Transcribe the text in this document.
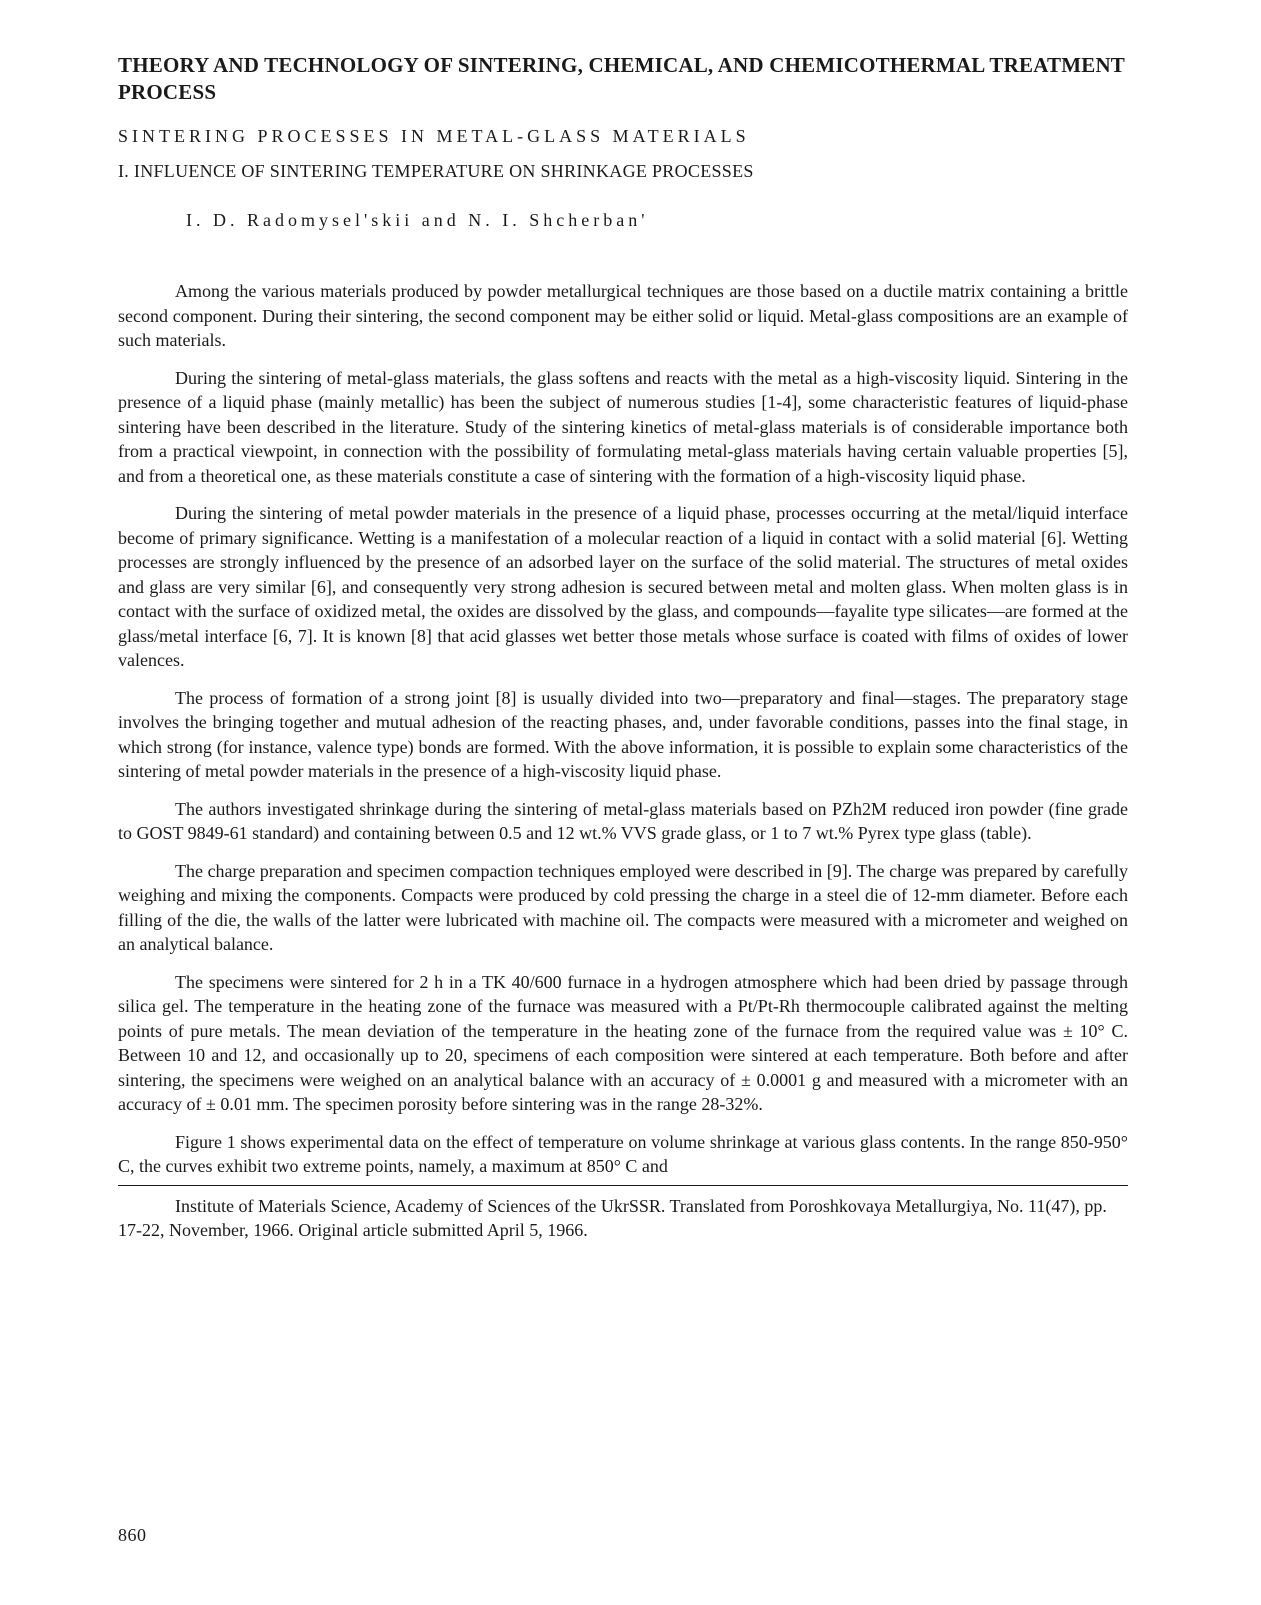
THEORY AND TECHNOLOGY OF SINTERING, CHEMICAL, AND CHEMICOTHERMAL TREATMENT PROCESS
SINTERING PROCESSES IN METAL-GLASS MATERIALS
I. INFLUENCE OF SINTERING TEMPERATURE ON SHRINKAGE PROCESSES
I. D. Radomysel'skii and N. I. Shcherban'

Among the various materials produced by powder metallurgical techniques are those based on a ductile matrix containing a brittle second component. During their sintering, the second component may be either solid or liquid. Metal-glass compositions are an example of such materials.

During the sintering of metal-glass materials, the glass softens and reacts with the metal as a high-viscosity liquid. Sintering in the presence of a liquid phase (mainly metallic) has been the subject of numerous studies [1-4], some characteristic features of liquid-phase sintering have been described in the literature. Study of the sintering kinetics of metal-glass materials is of considerable importance both from a practical viewpoint, in connection with the possibility of formulating metal-glass materials having certain valuable properties [5], and from a theoretical one, as these materials constitute a case of sintering with the formation of a high-viscosity liquid phase.

During the sintering of metal powder materials in the presence of a liquid phase, processes occurring at the metal/liquid interface become of primary significance. Wetting is a manifestation of a molecular reaction of a liquid in contact with a solid material [6]. Wetting processes are strongly influenced by the presence of an adsorbed layer on the surface of the solid material. The structures of metal oxides and glass are very similar [6], and consequently very strong adhesion is secured between metal and molten glass. When molten glass is in contact with the surface of oxidized metal, the oxides are dissolved by the glass, and compounds—fayalite type silicates—are formed at the glass/metal interface [6, 7]. It is known [8] that acid glasses wet better those metals whose surface is coated with films of oxides of lower valences.

The process of formation of a strong joint [8] is usually divided into two—preparatory and final—stages. The preparatory stage involves the bringing together and mutual adhesion of the reacting phases, and, under favorable conditions, passes into the final stage, in which strong (for instance, valence type) bonds are formed. With the above information, it is possible to explain some characteristics of the sintering of metal powder materials in the presence of a high-viscosity liquid phase.

The authors investigated shrinkage during the sintering of metal-glass materials based on PZh2M reduced iron powder (fine grade to GOST 9849-61 standard) and containing between 0.5 and 12 wt.% VVS grade glass, or 1 to 7 wt.% Pyrex type glass (table).

The charge preparation and specimen compaction techniques employed were described in [9]. The charge was prepared by carefully weighing and mixing the components. Compacts were produced by cold pressing the charge in a steel die of 12-mm diameter. Before each filling of the die, the walls of the latter were lubricated with machine oil. The compacts were measured with a micrometer and weighed on an analytical balance.

The specimens were sintered for 2 h in a TK 40/600 furnace in a hydrogen atmosphere which had been dried by passage through silica gel. The temperature in the heating zone of the furnace was measured with a Pt/Pt-Rh thermocouple calibrated against the melting points of pure metals. The mean deviation of the temperature in the heating zone of the furnace from the required value was ± 10° C. Between 10 and 12, and occasionally up to 20, specimens of each composition were sintered at each temperature. Both before and after sintering, the specimens were weighed on an analytical balance with an accuracy of ± 0.0001 g and measured with a micrometer with an accuracy of ± 0.01 mm. The specimen porosity before sintering was in the range 28-32%.

Figure 1 shows experimental data on the effect of temperature on volume shrinkage at various glass contents. In the range 850-950° C, the curves exhibit two extreme points, namely, a maximum at 850° C and

Institute of Materials Science, Academy of Sciences of the UkrSSR. Translated from Poroshkovaya Metallurgiya, No. 11(47), pp. 17-22, November, 1966. Original article submitted April 5, 1966.

860
